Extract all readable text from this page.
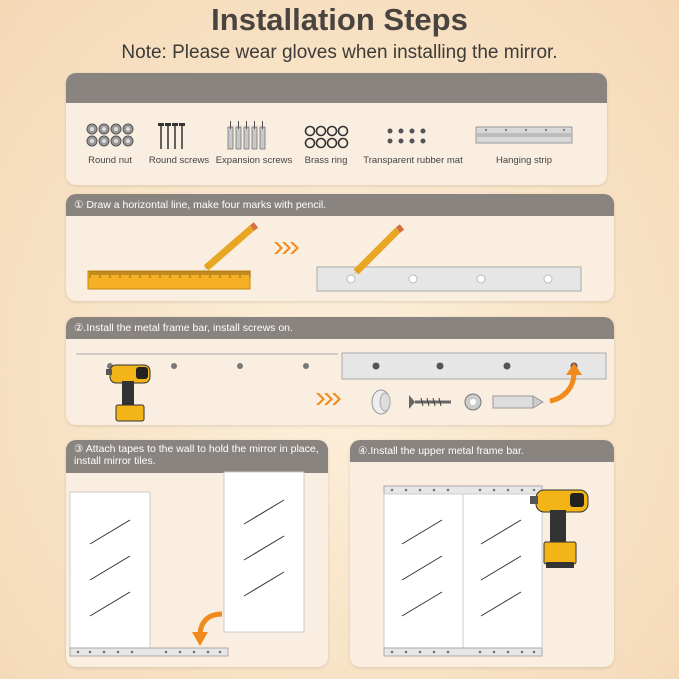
Installation Steps
Note: Please wear gloves when installing the mirror.
Round nut	Round screws Expansion screws	Brass ring	Transparent rubber mat	Hanging strip
① Draw a horizontal line, make four marks with pencil.
②.Install the metal frame bar, install screws on.
③ Attach tapes to the wall to hold the mirror in place, install mirror tiles.
④.Install the upper metal frame bar.
